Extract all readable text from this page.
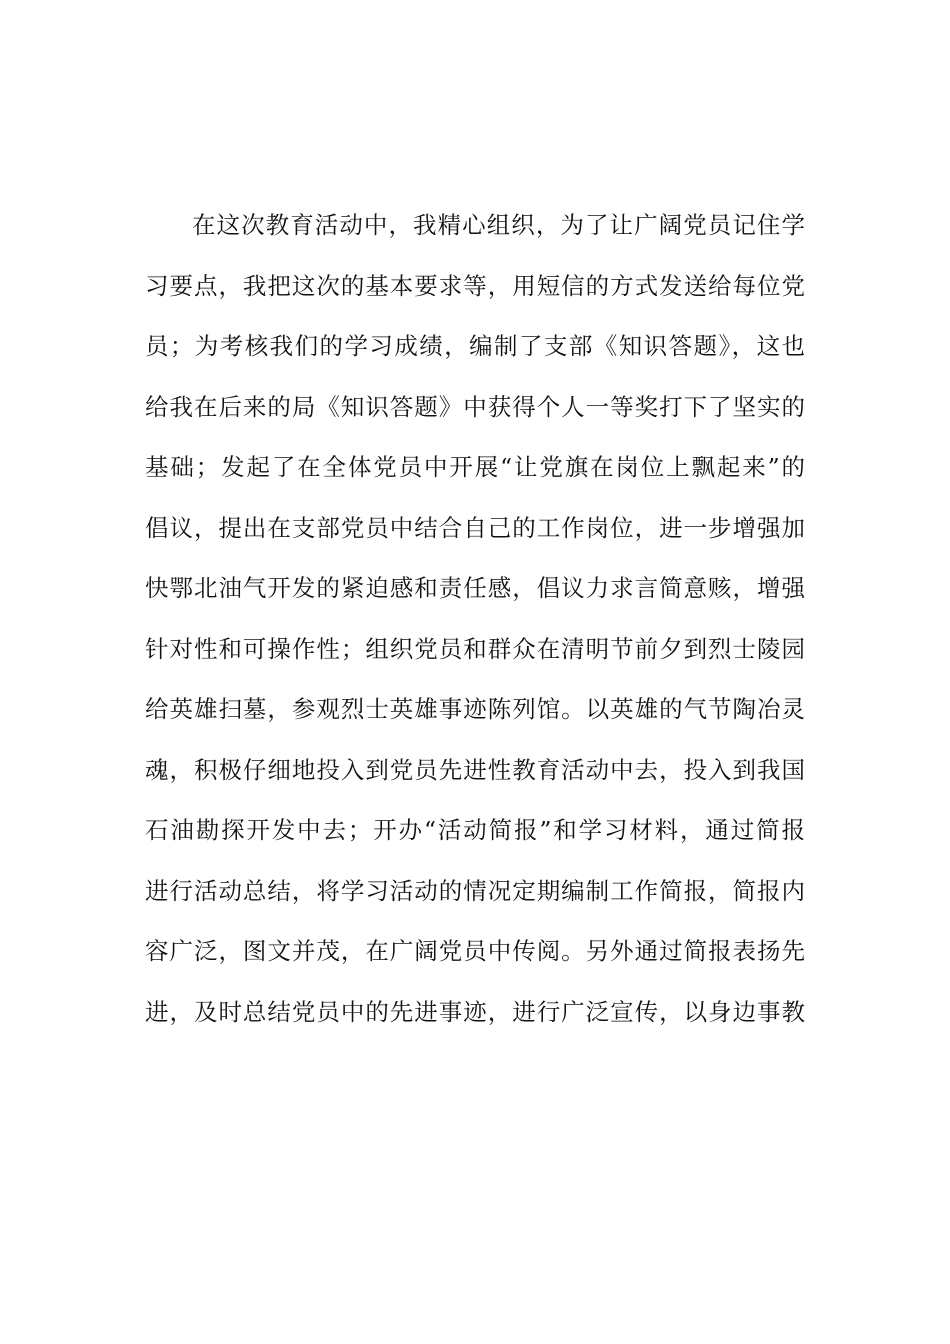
在这次教育活动中，我精心组织，为了让广阔党员记住学
习要点，我把这次的基本要求等，用短信的方式发送给每位党
员；为考核我们的学习成绩，编制了支部《知识答题》，这也
给我在后来的局《知识答题》中获得个人一等奖打下了坚实的
基础；发起了在全体党员中开展“让党旗在岗位上飘起来”的
倡议，提出在支部党员中结合自己的工作岗位，进一步增强加
快鄂北油气开发的紧迫感和责任感，倡议力求言简意赅，增强
针对性和可操作性；组织党员和群众在清明节前夕到烈士陵园
给英雄扫墓，参观烈士英雄事迹陈列馆。以英雄的气节陶冶灵
魂，积极仔细地投入到党员先进性教育活动中去，投入到我国
石油勘探开发中去；开办“活动简报”和学习材料，通过简报
进行活动总结，将学习活动的情况定期编制工作简报，简报内
容广泛，图文并茂，在广阔党员中传阅。另外通过简报表扬先
进，及时总结党员中的先进事迹，进行广泛宣传，以身边事教
